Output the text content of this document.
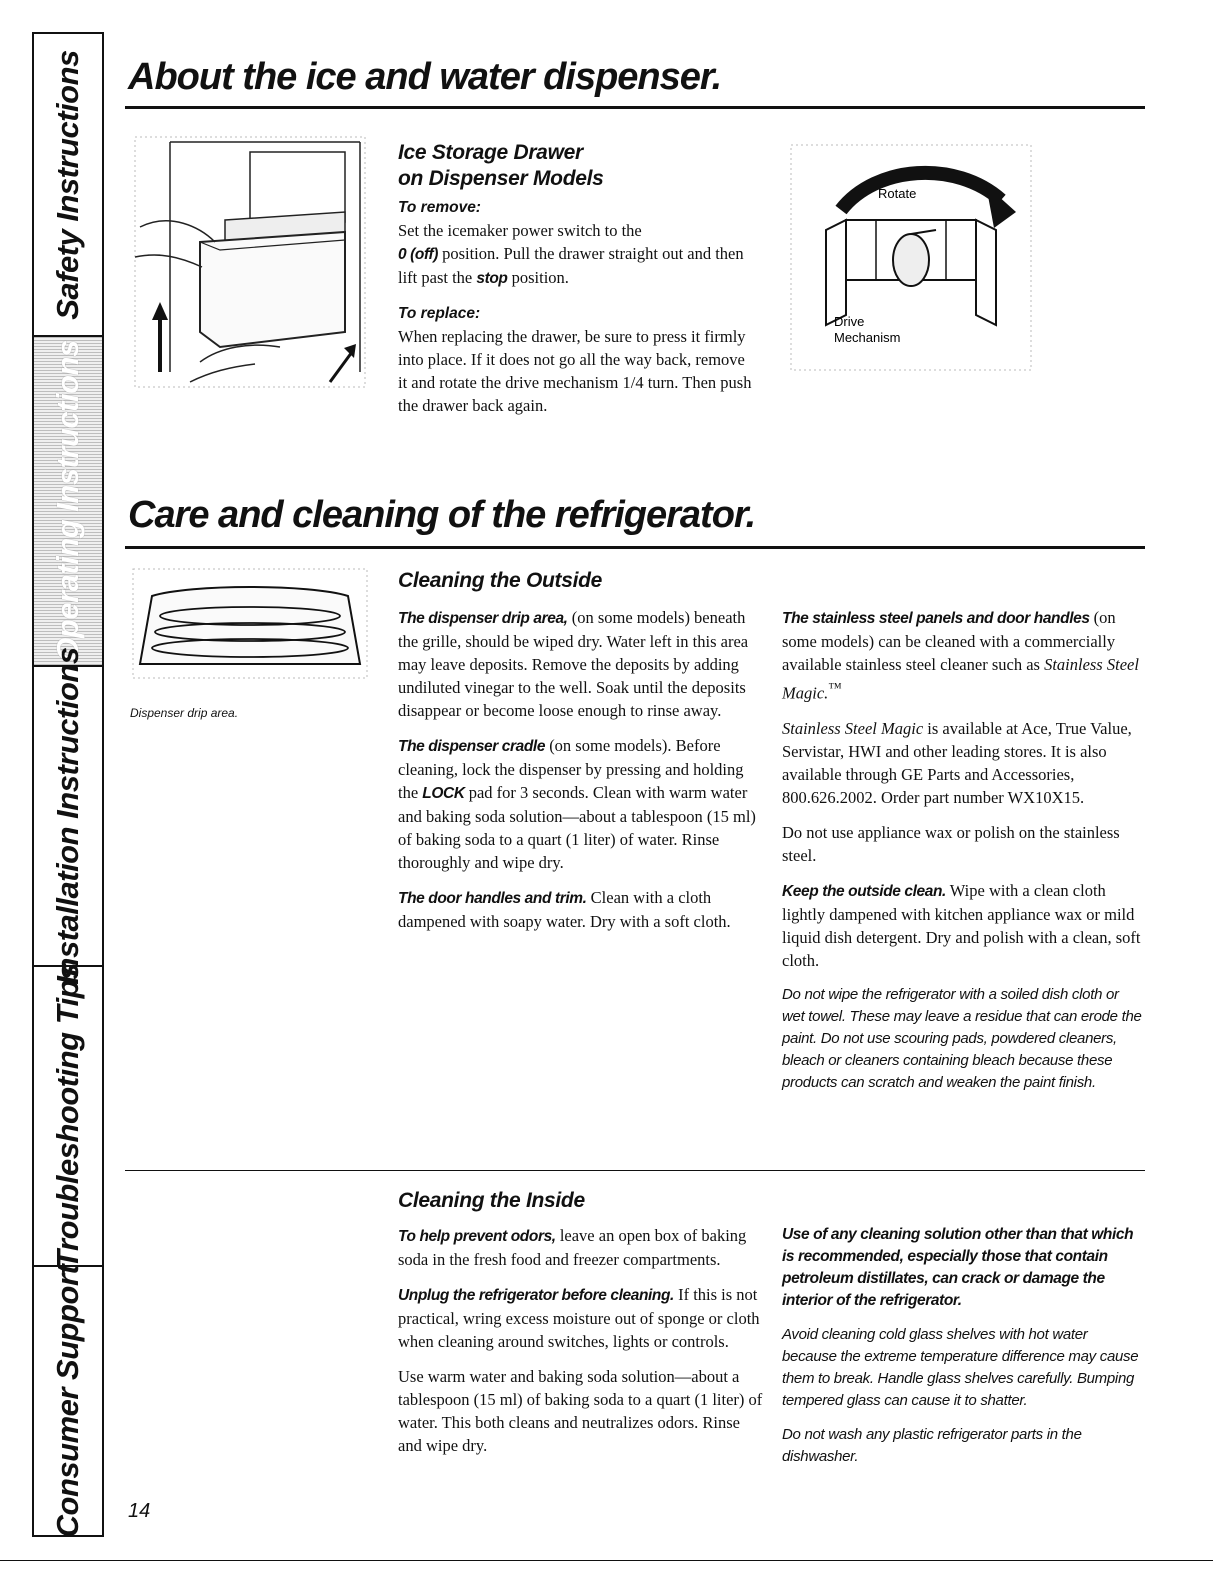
Safety Instructions
Operating Instructions
Installation Instructions
Troubleshooting Tips
Consumer Support
About the ice and water dispenser.
Ice Storage Drawer
on Dispenser Models

To remove:
Set the icemaker power switch to the
0 (off) position. Pull the drawer straight out and then lift past the stop position.

To replace:
When replacing the drawer, be sure to press it firmly into place. If it does not go all the way back, remove it and rotate the drive mechanism 1/4 turn. Then push the drawer back again.

Rotate
Drive
Mechanism
Care and cleaning of the refrigerator.
Dispenser drip area.
Cleaning the Outside

The dispenser drip area, (on some models) beneath the grille, should be wiped dry. Water left in this area may leave deposits. Remove the deposits by adding undiluted vinegar to the well. Soak until the deposits disappear or become loose enough to rinse away.

The dispenser cradle (on some models). Before cleaning, lock the dispenser by pressing and holding the LOCK pad for 3 seconds. Clean with warm water and baking soda solution—about a tablespoon (15 ml) of baking soda to a quart (1 liter) of water. Rinse thoroughly and wipe dry.

The door handles and trim. Clean with a cloth dampened with soapy water. Dry with a soft cloth.

The stainless steel panels and door handles (on some models) can be cleaned with a commercially available stainless steel cleaner such as Stainless Steel Magic.™

Stainless Steel Magic is available at Ace, True Value, Servistar, HWI and other leading stores. It is also available through GE Parts and Accessories, 800.626.2002. Order part number WX10X15.

Do not use appliance wax or polish on the stainless steel.

Keep the outside clean. Wipe with a clean cloth lightly dampened with kitchen appliance wax or mild liquid dish detergent. Dry and polish with a clean, soft cloth.

Do not wipe the refrigerator with a soiled dish cloth or wet towel. These may leave a residue that can erode the paint. Do not use scouring pads, powdered cleaners, bleach or cleaners containing bleach because these products can scratch and weaken the paint finish.

Cleaning the Inside

To help prevent odors, leave an open box of baking soda in the fresh food and freezer compartments.

Unplug the refrigerator before cleaning. If this is not practical, wring excess moisture out of sponge or cloth when cleaning around switches, lights or controls.

Use warm water and baking soda solution—about a tablespoon (15 ml) of baking soda to a quart (1 liter) of water. This both cleans and neutralizes odors. Rinse and wipe dry.

Use of any cleaning solution other than that which is recommended, especially those that contain petroleum distillates, can crack or damage the interior of the refrigerator.

Avoid cleaning cold glass shelves with hot water because the extreme temperature difference may cause them to break. Handle glass shelves carefully. Bumping tempered glass can cause it to shatter.

Do not wash any plastic refrigerator parts in the dishwasher.

14
